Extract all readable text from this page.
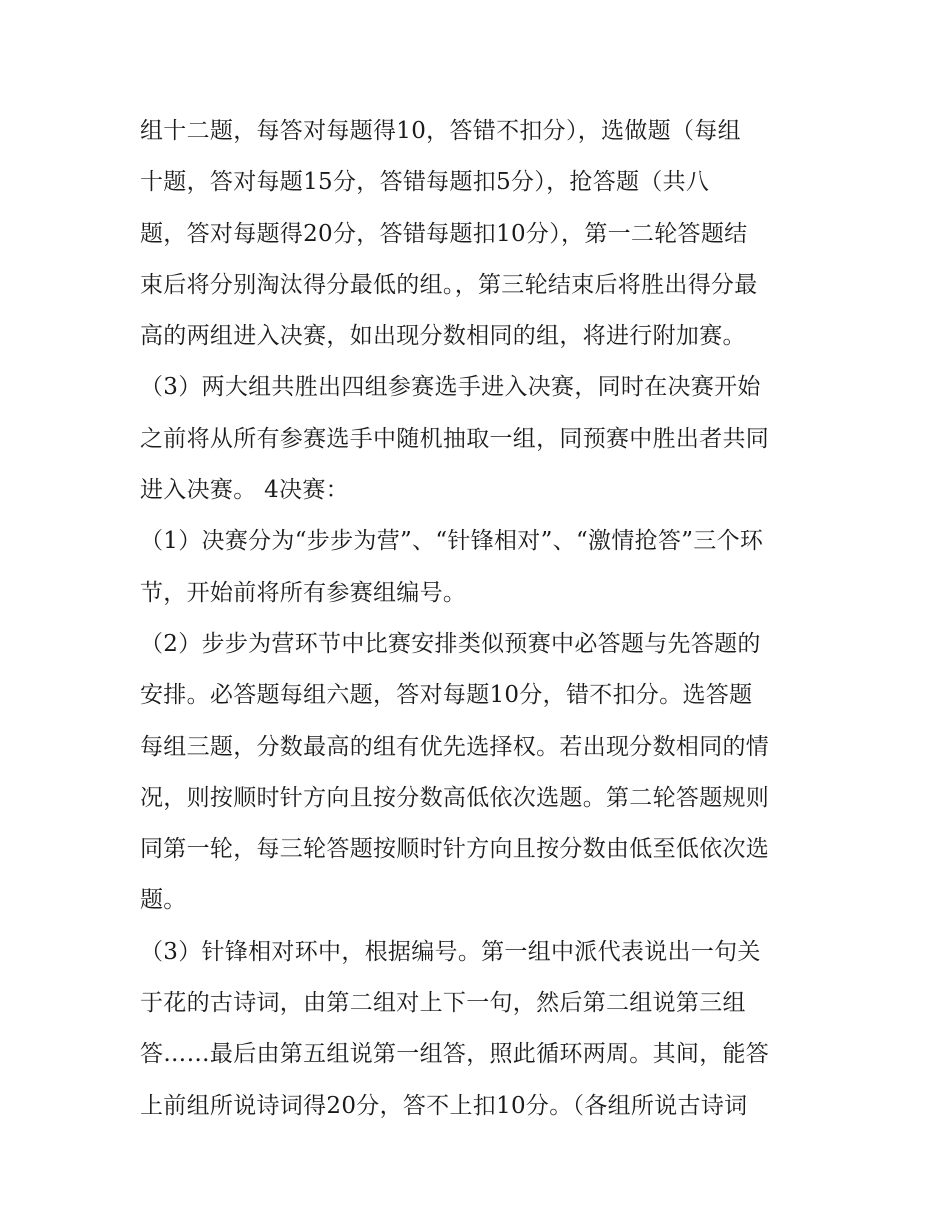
组十二题，每答对每题得10，答错不扣分），选做题（每组
十题，答对每题15分，答错每题扣5分），抢答题（共八
题，答对每题得20分，答错每题扣10分），第一二轮答题结
束后将分别淘汰得分最低的组。，第三轮结束后将胜出得分最
高的两组进入决赛，如出现分数相同的组，将进行附加赛。
（3）两大组共胜出四组参赛选手进入决赛，同时在决赛开始
之前将从所有参赛选手中随机抽取一组，同预赛中胜出者共同
进入决赛。 4决赛：
（1）决赛分为“步步为营”、“针锋相对”、“激情抢答”三个环
节，开始前将所有参赛组编号。
（2）步步为营环节中比赛安排类似预赛中必答题与先答题的
安排。必答题每组六题，答对每题10分，错不扣分。选答题
每组三题，分数最高的组有优先选择权。若出现分数相同的情
况，则按顺时针方向且按分数高低依次选题。第二轮答题规则
同第一轮，每三轮答题按顺时针方向且按分数由低至低依次选
题。
（3）针锋相对环中，根据编号。第一组中派代表说出一句关
于花的古诗词，由第二组对上下一句，然后第二组说第三组
答……最后由第五组说第一组答，照此循环两周。其间，能答
上前组所说诗词得20分，答不上扣10分。（各组所说古诗词
